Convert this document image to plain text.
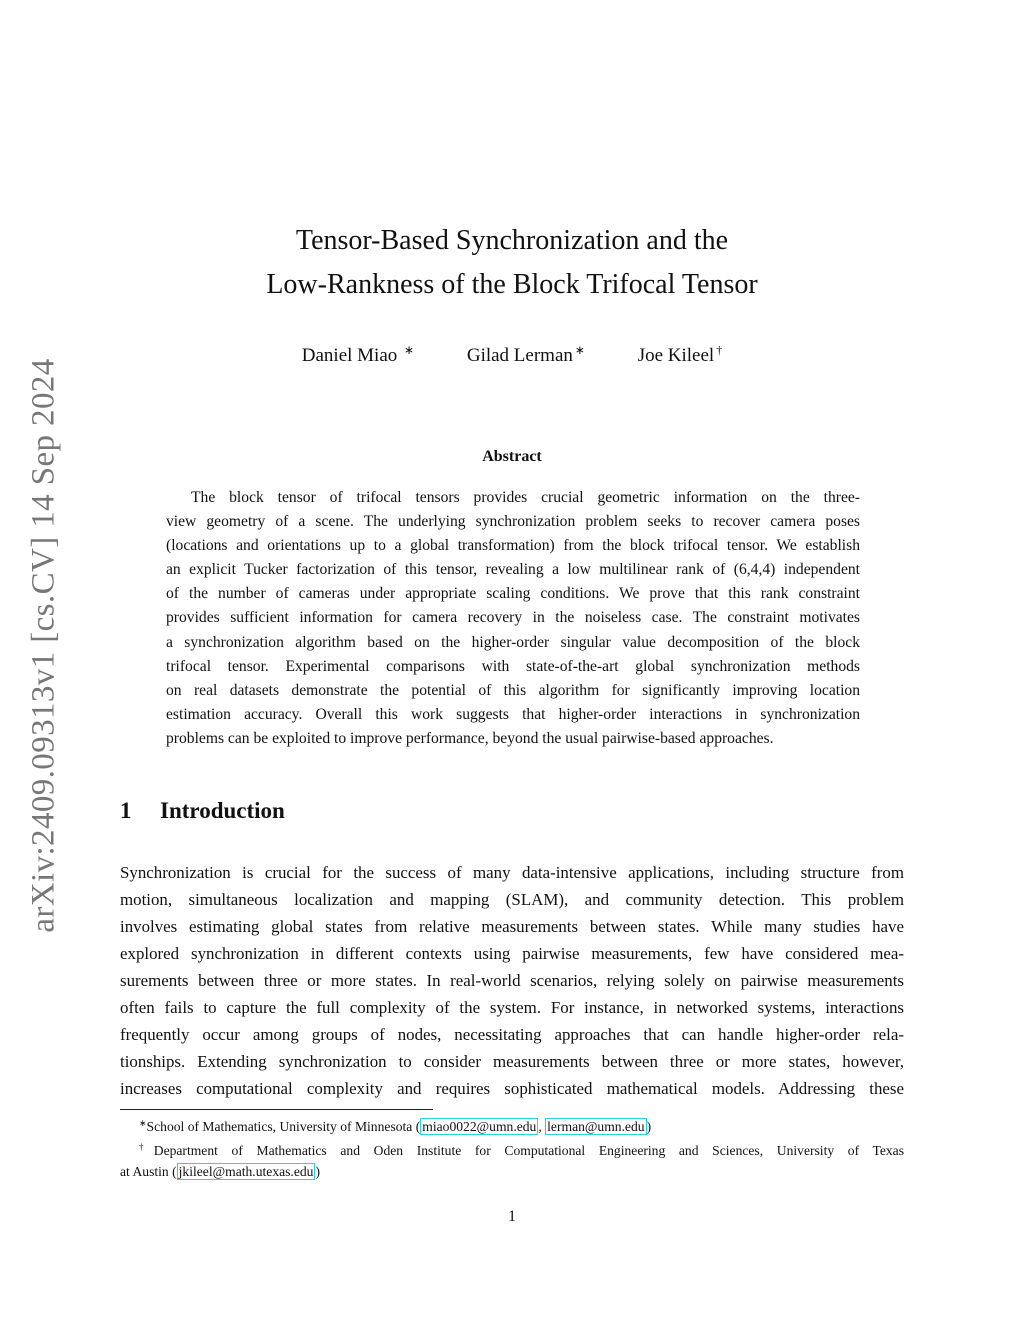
arXiv:2409.09313v1 [cs.CV] 14 Sep 2024
Tensor-Based Synchronization and the
Low-Rankness of the Block Trifocal Tensor
Daniel Miao ∗	Gilad Lerman ∗	Joe Kileel †
Abstract
The block tensor of trifocal tensors provides crucial geometric information on the three-
view geometry of a scene. The underlying synchronization problem seeks to recover camera poses
(locations and orientations up to a global transformation) from the block trifocal tensor. We establish
an explicit Tucker factorization of this tensor, revealing a low multilinear rank of (6,4,4) independent
of the number of cameras under appropriate scaling conditions. We prove that this rank constraint
provides sufficient information for camera recovery in the noiseless case. The constraint motivates
a synchronization algorithm based on the higher-order singular value decomposition of the block
trifocal tensor. Experimental comparisons with state-of-the-art global synchronization methods
on real datasets demonstrate the potential of this algorithm for significantly improving location
estimation accuracy. Overall this work suggests that higher-order interactions in synchronization
problems can be exploited to improve performance, beyond the usual pairwise-based approaches.
1 Introduction
Synchronization is crucial for the success of many data-intensive applications, including structure from
motion, simultaneous localization and mapping (SLAM), and community detection. This problem
involves estimating global states from relative measurements between states. While many studies have
explored synchronization in different contexts using pairwise measurements, few have considered mea-
surements between three or more states. In real-world scenarios, relying solely on pairwise measurements
often fails to capture the full complexity of the system. For instance, in networked systems, interactions
frequently occur among groups of nodes, necessitating approaches that can handle higher-order rela-
tionships. Extending synchronization to consider measurements between three or more states, however,
increases computational complexity and requires sophisticated mathematical models. Addressing these
∗School of Mathematics, University of Minnesota ( miao0022@umn.edu , lerman@umn.edu )
†Department of Mathematics and Oden Institute for Computational Engineering and Sciences, University of Texas
at Austin ( jkileel@math.utexas.edu )
1
